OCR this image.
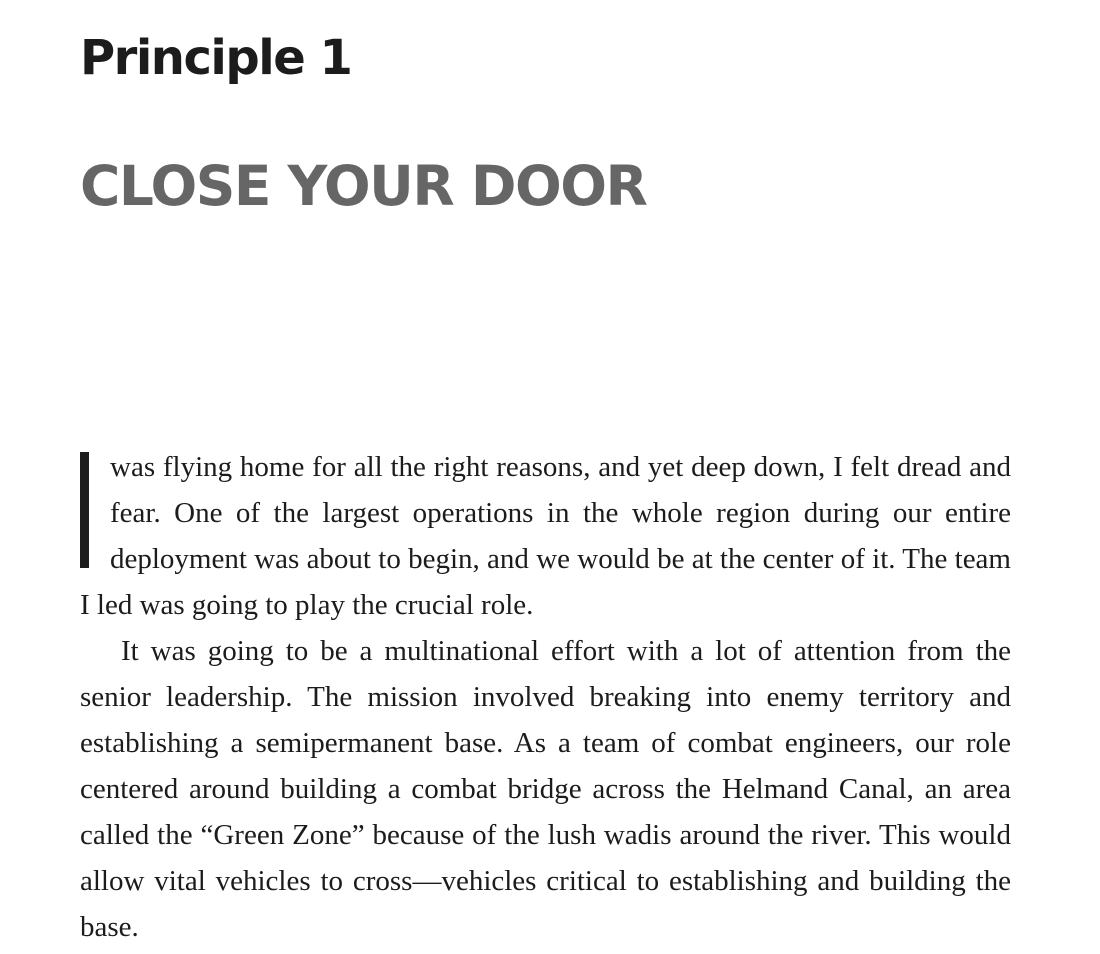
Principle 1
CLOSE YOUR DOOR

was flying home for all the right reasons, and yet deep down, I felt dread and fear. One of the largest operations in the whole region during our entire deployment was about to begin, and we would be at the center of it. The team I led was going to play the crucial role.

It was going to be a multinational effort with a lot of attention from the senior leadership. The mission involved breaking into enemy territory and establishing a semipermanent base. As a team of combat engineers, our role centered around building a combat bridge across the Helmand Canal, an area called the “Green Zone” because of the lush wadis around the river. This would allow vital vehicles to cross—vehicles critical to establishing and building the base.
